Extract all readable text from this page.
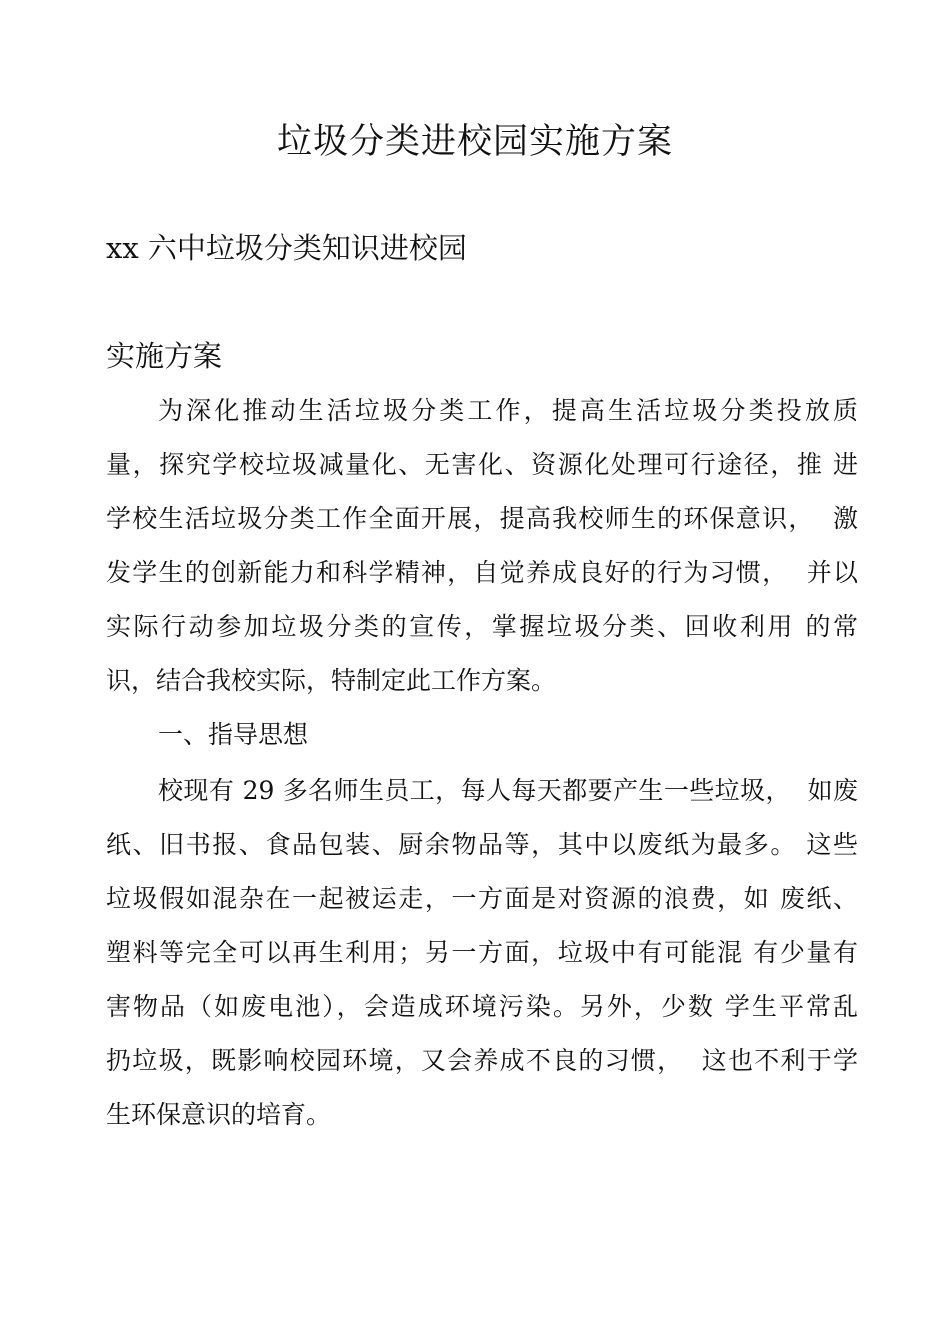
垃圾分类进校园实施方案
xx 六中垃圾分类知识进校园
实施方案
为深化推动生活垃圾分类工作，提高生活垃圾分类投放质
量，探究学校垃圾减量化、无害化、资源化处理可行途径，推 进
学校生活垃圾分类工作全面开展，提高我校师生的环保意识，  激
发学生的创新能力和科学精神，自觉养成良好的行为习惯，  并以
实际行动参加垃圾分类的宣传，掌握垃圾分类、回收利用 的常
识，结合我校实际，特制定此工作方案。
一、指导思想
校现有 29 多名师生员工，每人每天都要产生一些垃圾，  如废
纸、旧书报、食品包装、厨余物品等，其中以废纸为最多。 这些
垃圾假如混杂在一起被运走，一方面是对资源的浪费，如 废纸、
塑料等完全可以再生利用；另一方面，垃圾中有可能混 有少量有
害物品（如废电池），会造成环境污染。另外，少数 学生平常乱
扔垃圾，既影响校园环境，又会养成不良的习惯，  这也不利于学
生环保意识的培育。
